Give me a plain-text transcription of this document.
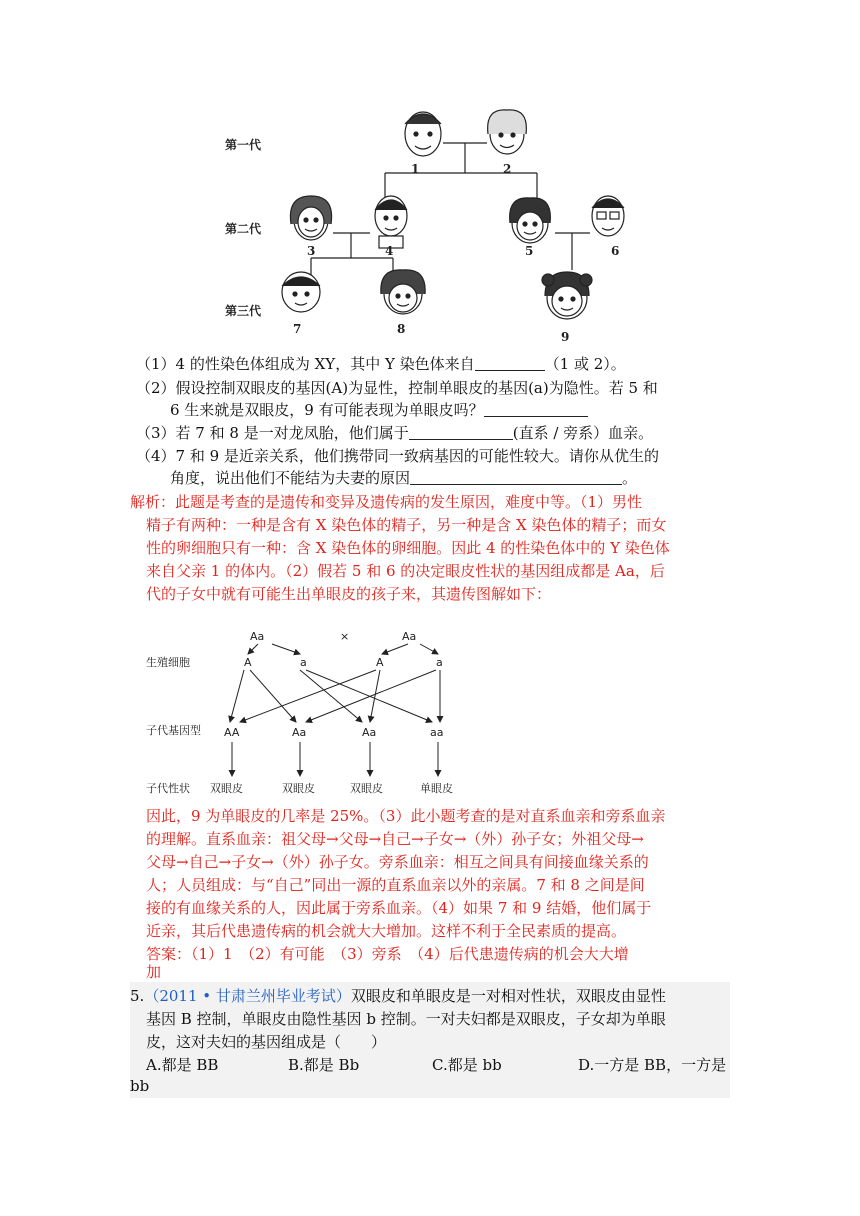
第一代
第二代
第三代
1	2
3	4	5	6
7	8
9
（1）4 的性染色体组成为 XY，其中 Y 染色体来自	（1 或 2）。
（2）假设控制双眼皮的基因(A)为显性，控制单眼皮的基因(a)为隐性。若 5 和
6 生来就是双眼皮，9 有可能表现为单眼皮吗？
（3）若 7 和 8 是一对龙凤胎，他们属于	(直系 / 旁系）血亲。
（4）7 和 9 是近亲关系，他们携带同一致病基因的可能性较大。请你从优生的
角度，说出他们不能结为夫妻的原因	。
解析：此题是考查的是遗传和变异及遗传病的发生原因，难度中等。（1）男性
精子有两种：一种是含有 X 染色体的精子，另一种是含 X 染色体的精子；而女
性的卵细胞只有一种：含 X 染色体的卵细胞。因此 4 的性染色体中的 Y 染色体
来自父亲 1 的体内。（2）假若 5 和 6 的决定眼皮性状的基因组成都是 Aa，后
代的子女中就有可能生出单眼皮的孩子来，其遗传图解如下：
Aa	×	Aa
生殖细胞	A	a	A	a
子代基因型 AA	Aa	Aa	aa
子代性状 双眼皮	双眼皮	双眼皮	单眼皮
因此，9 为单眼皮的几率是 25%。（3）此小题考查的是对直系血亲和旁系血亲
的理解。直系血亲：祖父母→父母→自己→子女→（外）孙子女；外祖父母→
父母→自己→子女→（外）孙子女。旁系血亲：相互之间具有间接血缘关系的
人；人员组成：与“自己”同出一源的直系血亲以外的亲属。7 和 8 之间是间
接的有血缘关系的人，因此属于旁系血亲。（4）如果 7 和 9 结婚，他们属于
近亲，其后代患遗传病的机会就大大增加。这样不利于全民素质的提高。
答案：（1）1　（2）有可能　（3）旁系　（4）后代患遗传病的机会大大增
加
5.（2011 • 甘肃兰州毕业考试）双眼皮和单眼皮是一对相对性状，双眼皮由显性
基因 B 控制，单眼皮由隐性基因 b 控制。一对夫妇都是双眼皮，子女却为单眼
皮，这对夫妇的基因组成是（　　）
A.都是 BB	B.都是 Bb	C.都是 bb	D.一方是 BB，一方是
bb
